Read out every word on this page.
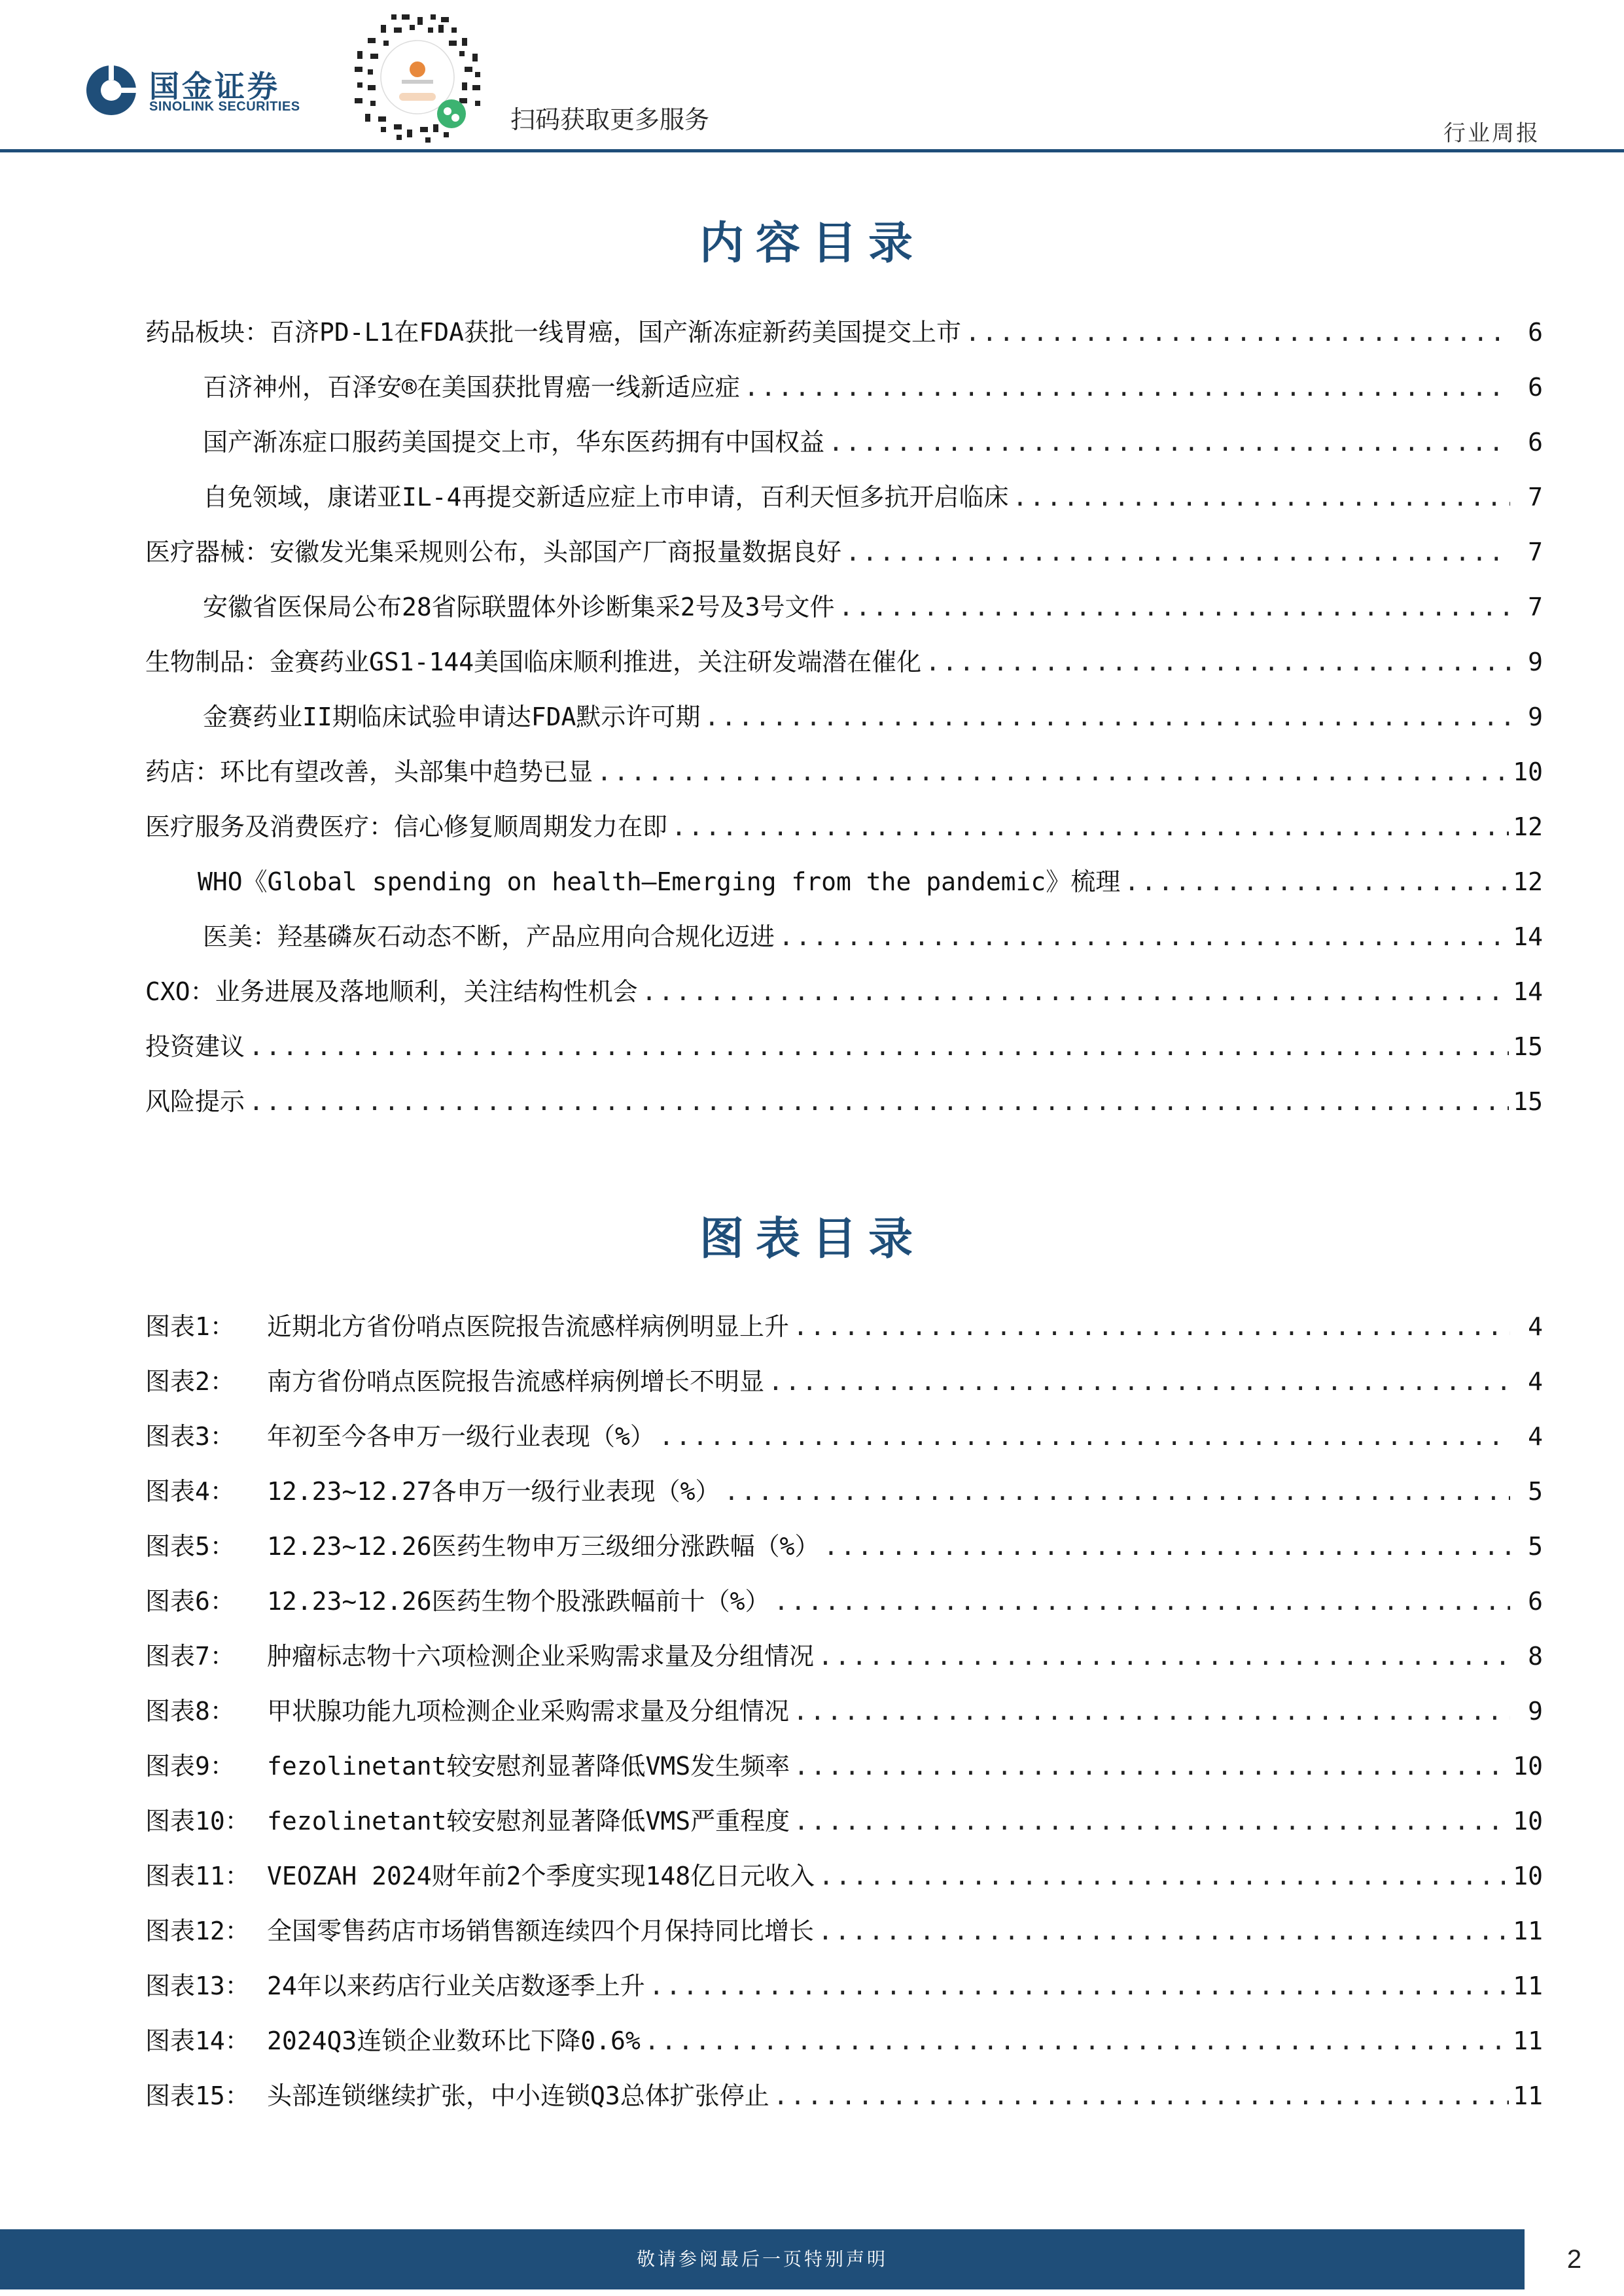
国金证券
SINOLINK SECURITIES	扫码获取更多服务	行业周报
内容目录
药品板块：百济PD-L1在FDA获批一线胃癌，国产渐冻症新药美国提交上市 .....	6
百济神州，百泽安®在美国获批胃癌一线新适应症 .....	6
国产渐冻症口服药美国提交上市，华东医药拥有中国权益 .....	6
自免领域，康诺亚IL-4再提交新适应症上市申请，百利天恒多抗开启临床 .....	7
医疗器械：安徽发光集采规则公布，头部国产厂商报量数据良好 .....	7
安徽省医保局公布28省际联盟体外诊断集采2号及3号文件 .....	7
生物制品：金赛药业GS1-144美国临床顺利推进，关注研发端潜在催化 .....	9
金赛药业II期临床试验申请达FDA默示许可期 .....	9
药店：环比有望改善，头部集中趋势已显 .....	10
医疗服务及消费医疗：信心修复顺周期发力在即 .....	12
WHO《Global spending on health—Emerging from the pandemic》梳理 .....	12
医美：羟基磷灰石动态不断，产品应用向合规化迈进 .....	14
CXO：业务进展及落地顺利，关注结构性机会 .....	14
投资建议 .....	15
风险提示 .....	15
图表目录
图表1： 近期北方省份哨点医院报告流感样病例明显上升 .....	4
图表2： 南方省份哨点医院报告流感样病例增长不明显 .....	4
图表3： 年初至今各申万一级行业表现（%） .....	4
图表4： 12.23~12.27各申万一级行业表现（%） .....	5
图表5： 12.23~12.26医药生物申万三级细分涨跌幅（%） .....	5
图表6： 12.23~12.26医药生物个股涨跌幅前十（%） .....	6
图表7： 肿瘤标志物十六项检测企业采购需求量及分组情况 .....	8
图表8： 甲状腺功能九项检测企业采购需求量及分组情况 .....	9
图表9： fezolinetant较安慰剂显著降低VMS发生频率 .....	10
图表10： fezolinetant较安慰剂显著降低VMS严重程度 .....	10
图表11： VEOZAH 2024财年前2个季度实现148亿日元收入 .....	10
图表12： 全国零售药店市场销售额连续四个月保持同比增长 .....	11
图表13： 24年以来药店行业关店数逐季上升 .....	11
图表14： 2024Q3连锁企业数环比下降0.6% .....	11
图表15： 头部连锁继续扩张，中小连锁Q3总体扩张停止 .....	11
敬请参阅最后一页特别声明	2
